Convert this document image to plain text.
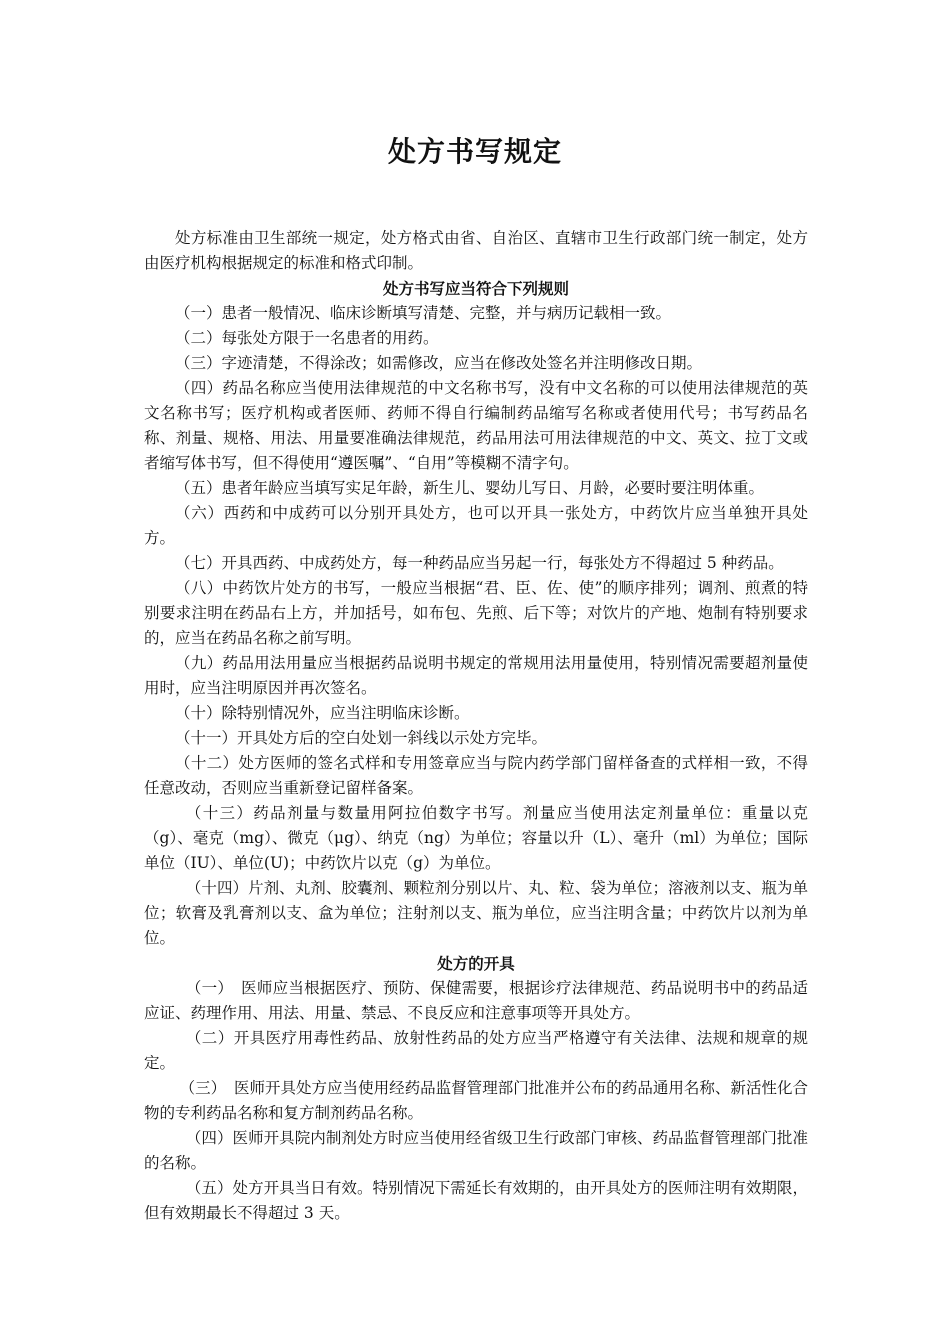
处方书写规定

处方标准由卫生部统一规定，处方格式由省、自治区、直辖市卫生行政部门统一制定，处方由医疗机构根据规定的标准和格式印制。

处方书写应当符合下列规则

（一）患者一般情况、临床诊断填写清楚、完整，并与病历记载相一致。

（二）每张处方限于一名患者的用药。

（三）字迹清楚，不得涂改；如需修改，应当在修改处签名并注明修改日期。

（四）药品名称应当使用法律规范的中文名称书写，没有中文名称的可以使用法律规范的英文名称书写；医疗机构或者医师、药师不得自行编制药品缩写名称或者使用代号；书写药品名称、剂量、规格、用法、用量要准确法律规范，药品用法可用法律规范的中文、英文、拉丁文或者缩写体书写，但不得使用“遵医嘱”、“自用”等模糊不清字句。

（五）患者年龄应当填写实足年龄，新生儿、婴幼儿写日、月龄，必要时要注明体重。

（六）西药和中成药可以分别开具处方，也可以开具一张处方，中药饮片应当单独开具处方。

（七）开具西药、中成药处方，每一种药品应当另起一行，每张处方不得超过 5 种药品。

（八）中药饮片处方的书写，一般应当根据“君、臣、佐、使”的顺序排列；调剂、煎煮的特别要求注明在药品右上方，并加括号，如布包、先煎、后下等；对饮片的产地、炮制有特别要求的，应当在药品名称之前写明。

（九）药品用法用量应当根据药品说明书规定的常规用法用量使用，特别情况需要超剂量使用时，应当注明原因并再次签名。

（十）除特别情况外，应当注明临床诊断。

（十一）开具处方后的空白处划一斜线以示处方完毕。

（十二）处方医师的签名式样和专用签章应当与院内药学部门留样备查的式样相一致，不得任意改动，否则应当重新登记留样备案。

（十三）药品剂量与数量用阿拉伯数字书写。剂量应当使用法定剂量单位：重量以克（g）、毫克（mg）、微克（μg）、纳克（ng）为单位；容量以升（L）、毫升（ml）为单位；国际单位（IU）、单位(U)；中药饮片以克（g）为单位。

（十四）片剂、丸剂、胶囊剂、颗粒剂分别以片、丸、粒、袋为单位；溶液剂以支、瓶为单位；软膏及乳膏剂以支、盒为单位；注射剂以支、瓶为单位，应当注明含量；中药饮片以剂为单位。

处方的开具

（一）　医师应当根据医疗、预防、保健需要，根据诊疗法律规范、药品说明书中的药品适应证、药理作用、用法、用量、禁忌、不良反应和注意事项等开具处方。

（二）开具医疗用毒性药品、放射性药品的处方应当严格遵守有关法律、法规和规章的规定。

（三）　医师开具处方应当使用经药品监督管理部门批准并公布的药品通用名称、新活性化合物的专利药品名称和复方制剂药品名称。

（四）医师开具院内制剂处方时应当使用经省级卫生行政部门审核、药品监督管理部门批准的名称。

（五）处方开具当日有效。特别情况下需延长有效期的，由开具处方的医师注明有效期限，但有效期最长不得超过 3 天。
